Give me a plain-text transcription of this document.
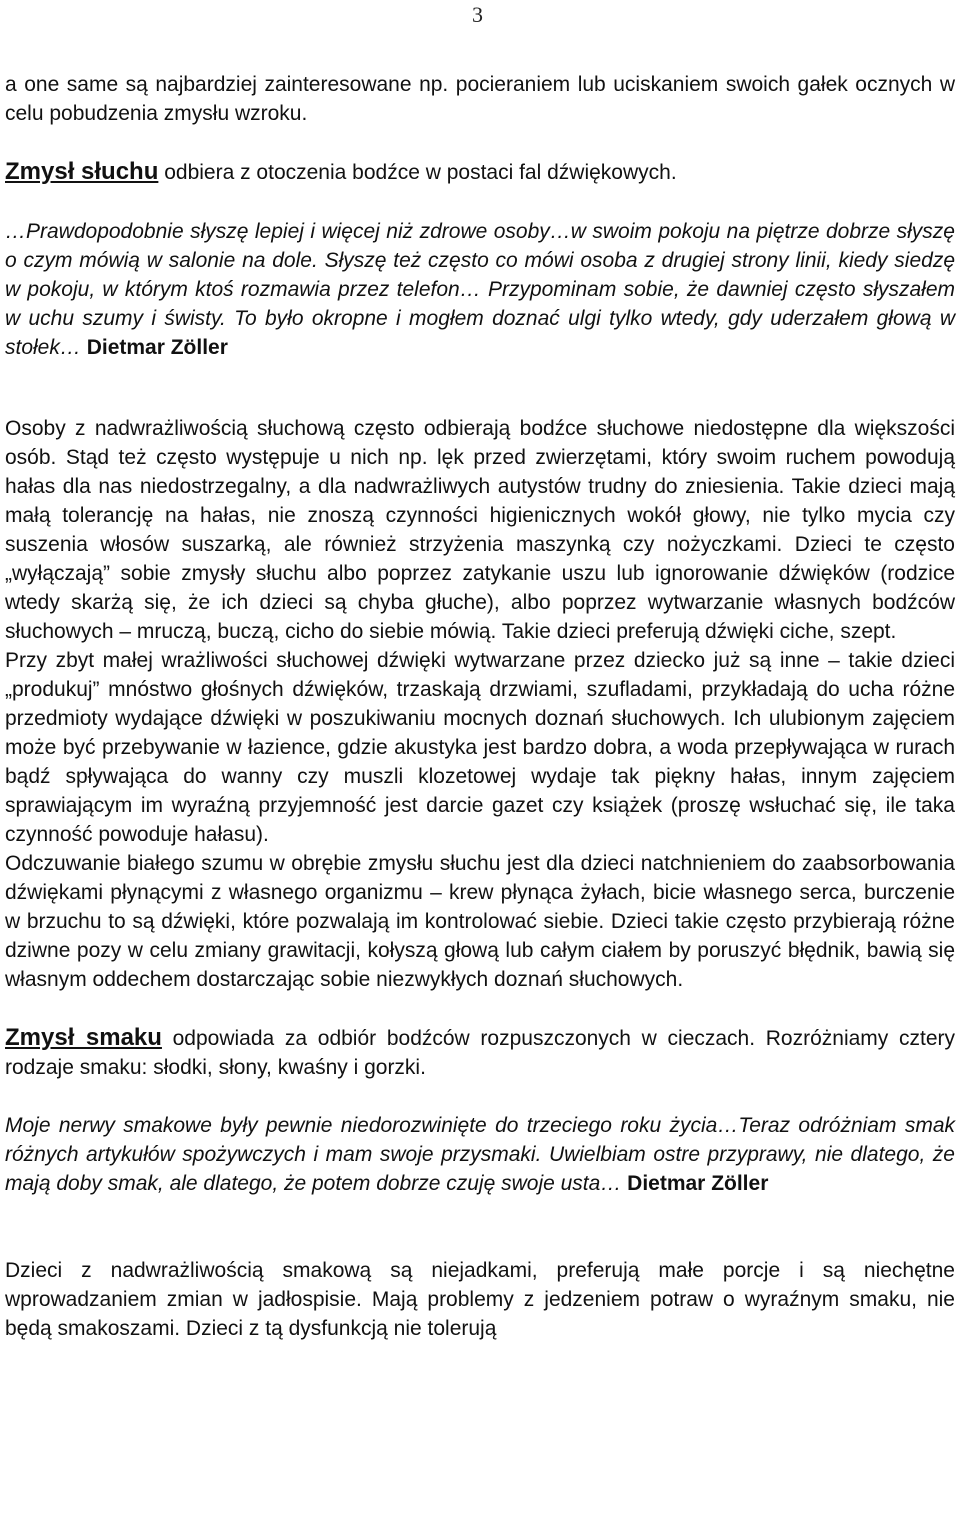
3

a one same są najbardziej zainteresowane np. pocieraniem lub uciskaniem swoich gałek ocznych w celu pobudzenia zmysłu wzroku.

Zmysł słuchu odbiera z otoczenia bodźce w postaci fal dźwiękowych.

…Prawdopodobnie słyszę lepiej i więcej niż zdrowe osoby…w swoim pokoju na piętrze dobrze słyszę o czym mówią w salonie na dole. Słyszę też często co mówi osoba z drugiej strony linii, kiedy siedzę w pokoju, w którym ktoś rozmawia przez telefon… Przypominam sobie, że dawniej często słyszałem w uchu szumy i świsty. To było okropne i mogłem doznać ulgi tylko wtedy, gdy uderzałem głową w stołek… Dietmar Zöller

Osoby z nadwrażliwością słuchową często odbierają bodźce słuchowe niedostępne dla większości osób. Stąd też często występuje u nich np. lęk przed zwierzętami, który swoim ruchem powodują hałas dla nas niedostrzegalny, a dla nadwrażliwych autystów trudny do zniesienia. Takie dzieci mają małą tolerancję na hałas, nie znoszą czynności higienicznych wokół głowy, nie tylko mycia czy suszenia włosów suszarką, ale również strzyżenia maszynką czy nożyczkami. Dzieci te często „wyłączają” sobie zmysły słuchu albo poprzez zatykanie uszu lub ignorowanie dźwięków (rodzice wtedy skarżą się, że ich dzieci są chyba głuche), albo poprzez wytwarzanie własnych bodźców słuchowych – mruczą, buczą, cicho do siebie mówią. Takie dzieci preferują dźwięki ciche, szept.

Przy zbyt małej wrażliwości słuchowej dźwięki wytwarzane przez dziecko już są inne – takie dzieci „produkuj” mnóstwo głośnych dźwięków, trzaskają drzwiami, szufladami, przykładają do ucha różne przedmioty wydające dźwięki w poszukiwaniu mocnych doznań słuchowych. Ich ulubionym zajęciem może być przebywanie w łazience, gdzie akustyka jest bardzo dobra, a woda przepływająca w rurach bądź spływająca do wanny czy muszli klozetowej wydaje tak piękny hałas, innym zajęciem sprawiającym im wyraźną przyjemność jest darcie gazet czy książek (proszę wsłuchać się, ile taka czynność powoduje hałasu).

Odczuwanie białego szumu w obrębie zmysłu słuchu jest dla dzieci natchnieniem do zaabsorbowania dźwiękami płynącymi z własnego organizmu – krew płynąca żyłach, bicie własnego serca, burczenie w brzuchu to są dźwięki, które pozwalają im kontrolować siebie. Dzieci takie często przybierają różne dziwne pozy w celu zmiany grawitacji, kołyszą głową lub całym ciałem by poruszyć błędnik, bawią się własnym oddechem dostarczając sobie niezwykłych doznań słuchowych.

Zmysł smaku odpowiada za odbiór bodźców rozpuszczonych w cieczach. Rozróżniamy cztery rodzaje smaku: słodki, słony, kwaśny i gorzki.

Moje nerwy smakowe były pewnie niedorozwinięte do trzeciego roku życia…Teraz odróżniam smak różnych artykułów spożywczych i mam swoje przysmaki. Uwielbiam ostre przyprawy, nie dlatego, że mają doby smak, ale dlatego, że potem dobrze czuję swoje usta… Dietmar Zöller

Dzieci z nadwrażliwością smakową są niejadkami, preferują małe porcje i są niechętne wprowadzaniem zmian w jadłospisie. Mają problemy z jedzeniem potraw o wyraźnym smaku, nie będą smakoszami. Dzieci z tą dysfunkcją nie tolerują
